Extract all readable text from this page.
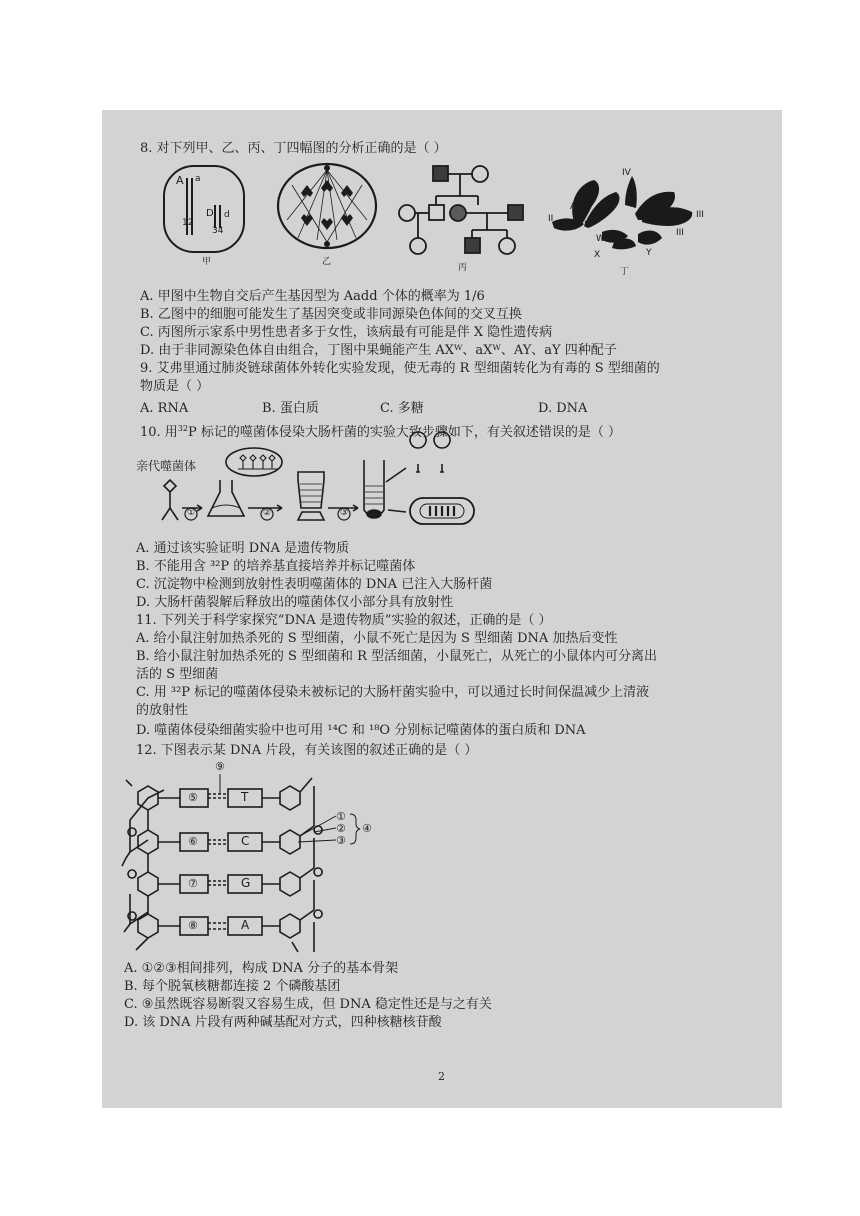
8. 对下列甲、乙、丙、丁四幅图的分析正确的是（ ）
A a
12
D d
34
IV
A
II
II	III
III
W
X	Y
甲	乙
丙	丁
A. 甲图中生物自交后产生基因型为 Aadd 个体的概率为 1/6
B. 乙图中的细胞可能发生了基因突变或非同源染色体间的交叉互换
C. 丙图所示家系中男性患者多于女性，该病最有可能是伴 X 隐性遗传病
D. 由于非同源染色体自由组合，丁图中果蝇能产生 AXᵂ、aXᵂ、AY、aY 四种配子
9. 艾弗里通过肺炎链球菌体外转化实验发现，使无毒的 R 型细菌转化为有毒的 S 型细菌的
物质是（ ）
A. RNA	B. 蛋白质	C. 多糖	D. DNA
10. 用$^{32}$P 标记的噬菌体侵染大肠杆菌的实验大致步骤如下，有关叙述错误的是（ ）
亲代噬菌体
①	②	③
A. 通过该实验证明 DNA 是遗传物质
B. 不能用含 ³²P 的培养基直接培养并标记噬菌体
C. 沉淀物中检测到放射性表明噬菌体的 DNA 已注入大肠杆菌
D. 大肠杆菌裂解后释放出的噬菌体仅小部分具有放射性
11. 下列关于科学家探究“DNA 是遗传物质”实验的叙述，正确的是（ ）
A. 给小鼠注射加热杀死的 S 型细菌，小鼠不死亡是因为 S 型细菌 DNA 加热后变性
B. 给小鼠注射加热杀死的 S 型细菌和 R 型活细菌，小鼠死亡，从死亡的小鼠体内可分离出
活的 S 型细菌
C. 用 ³²P 标记的噬菌体侵染未被标记的大肠杆菌实验中，可以通过长时间保温减少上清液
的放射性
D. 噬菌体侵染细菌实验中也可用 ¹⁴C 和 ¹⁸O 分别标记噬菌体的蛋白质和 DNA
12. 下图表示某 DNA 片段，有关该图的叙述正确的是（ ）
⑨
⑤
⑥
⑦
⑧
T
C
G
A
①
②
③
④
A. ①②③相间排列，构成 DNA 分子的基本骨架
B. 每个脱氧核糖都连接 2 个磷酸基团
C. ⑨虽然既容易断裂又容易生成，但 DNA 稳定性还是与之有关
D. 该 DNA 片段有两种碱基配对方式，四种核糖核苷酸
2
